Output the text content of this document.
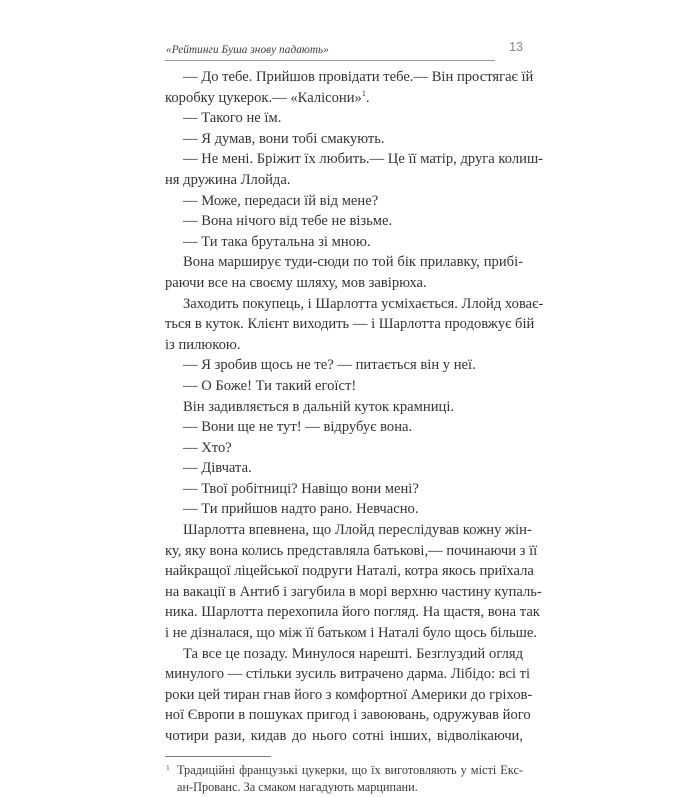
«Рейтинги Буша знову падають»	13
— До тебе. Прийшов провідати тебе.— Він простягає їй
коробку цукерок.— «Калісони»$^1$.
— Такого не їм.
— Я думав, вони тобі смакують.
— Не мені. Бріжит їх любить.— Це її матір, друга колиш-
ня дружина Ллойда.
— Може, передаси їй від мене?
— Вона нічого від тебе не візьме.
— Ти така брутальна зі мною.
Вона марширує туди-сюди по той бік прилавку, прибі-
раючи все на своєму шляху, мов завірюха.
Заходить покупець, і Шарлотта усміхається. Ллойд ховає-
ться в куток. Клієнт виходить — і Шарлотта продовжує бій
із пилюкою.
— Я зробив щось не те? — питається він у неї.
— О Боже! Ти такий егоїст!
Він задивляється в дальній куток крамниці.
— Вони ще не тут! — відрубує вона.
— Хто?
— Дівчата.
— Твої робітниці? Навіщо вони мені?
— Ти прийшов надто рано. Невчасно.
Шарлотта впевнена, що Ллойд переслідував кожну жін-
ку, яку вона колись представляла батькові,— починаючи з її
найкращої ліцейської подруги Наталі, котра якось приїхала
на вакації в Антиб і загубила в морі верхню частину купаль-
ника. Шарлотта перехопила його погляд. На щастя, вона так
і не дізналася, що між її батьком і Наталі було щось більше.
Та все це позаду. Минулося нарешті. Безглуздий огляд
минулого — стільки зусиль витрачено дарма. Лібідо: всі ті
роки цей тиран гнав його з комфортної Америки до гріхов-
ної Європи в пошуках пригод і завоювань, одружував його
чотири рази, кидав до нього сотні інших, відволікаючи,
1 Традиційні французькі цукерки, що їх виготовляють у місті Екс-
ан-Прованс. За смаком нагадують марципани.
